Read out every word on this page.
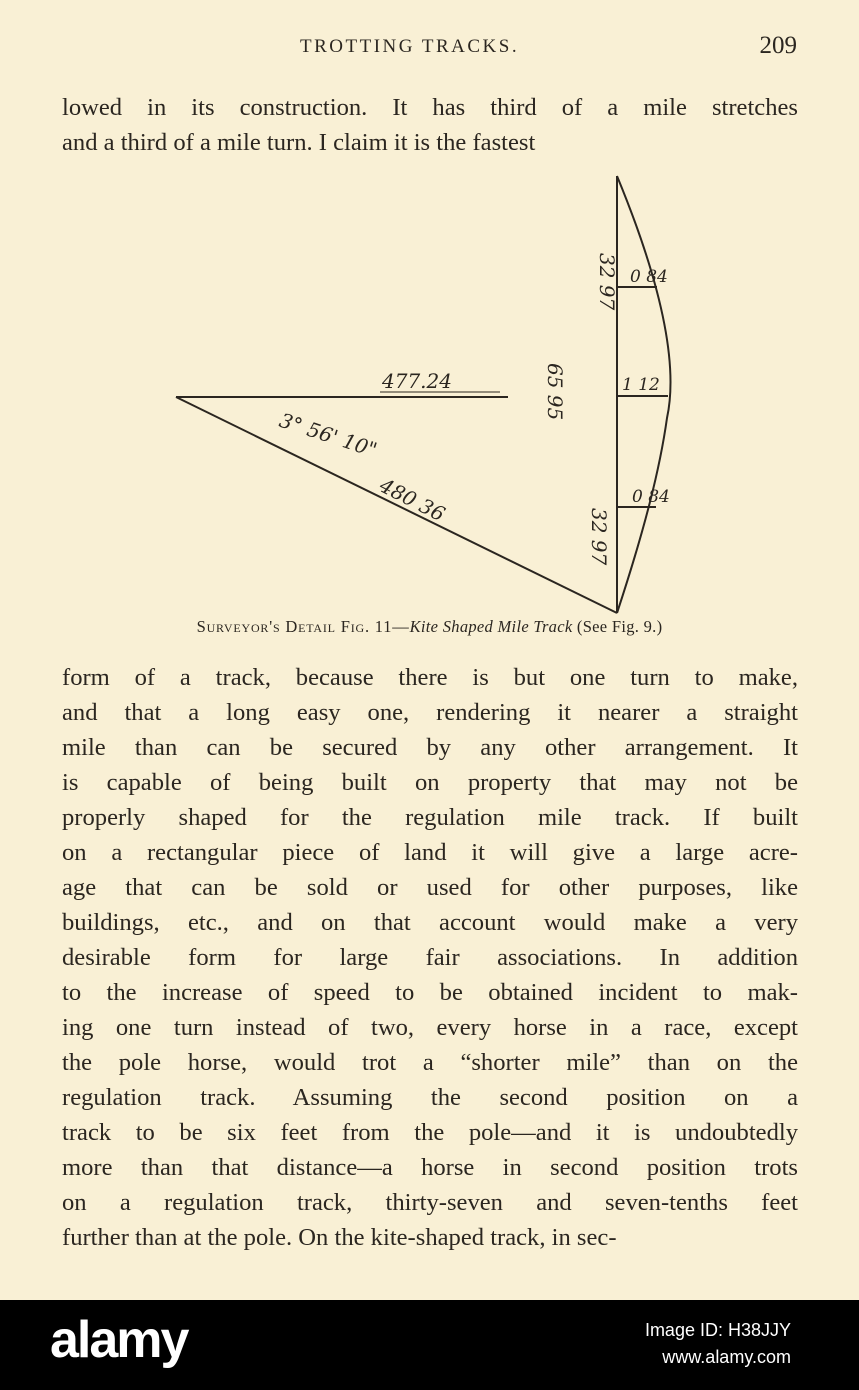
TROTTING TRACKS.	209
lowed in its construction. It has third of a mile stretches
and a third of a mile turn. I claim it is the fastest
32 97
65 95
32 97
0 84
1 12
0 84
477.24
3° 56' 10"
480 36
Surveyor's Detail Fig. 11—Kite Shaped Mile Track (See Fig. 9.)
form of a track, because there is but one turn to make,
and that a long easy one, rendering it nearer a straight
mile than can be secured by any other arrangement. It
is capable of being built on property that may not be
properly shaped for the regulation mile track. If built
on a rectangular piece of land it will give a large acre-
age that can be sold or used for other purposes, like
buildings, etc., and on that account would make a very
desirable form for large fair associations. In addition
to the increase of speed to be obtained incident to mak-
ing one turn instead of two, every horse in a race, except
the pole horse, would trot a “shorter mile” than on the
regulation track. Assuming the second position on a
track to be six feet from the pole—and it is undoubtedly
more than that distance—a horse in second position trots
on a regulation track, thirty-seven and seven-tenths feet
further than at the pole. On the kite-shaped track, in sec-
alamy	Image ID: H38JJY
www.alamy.com
